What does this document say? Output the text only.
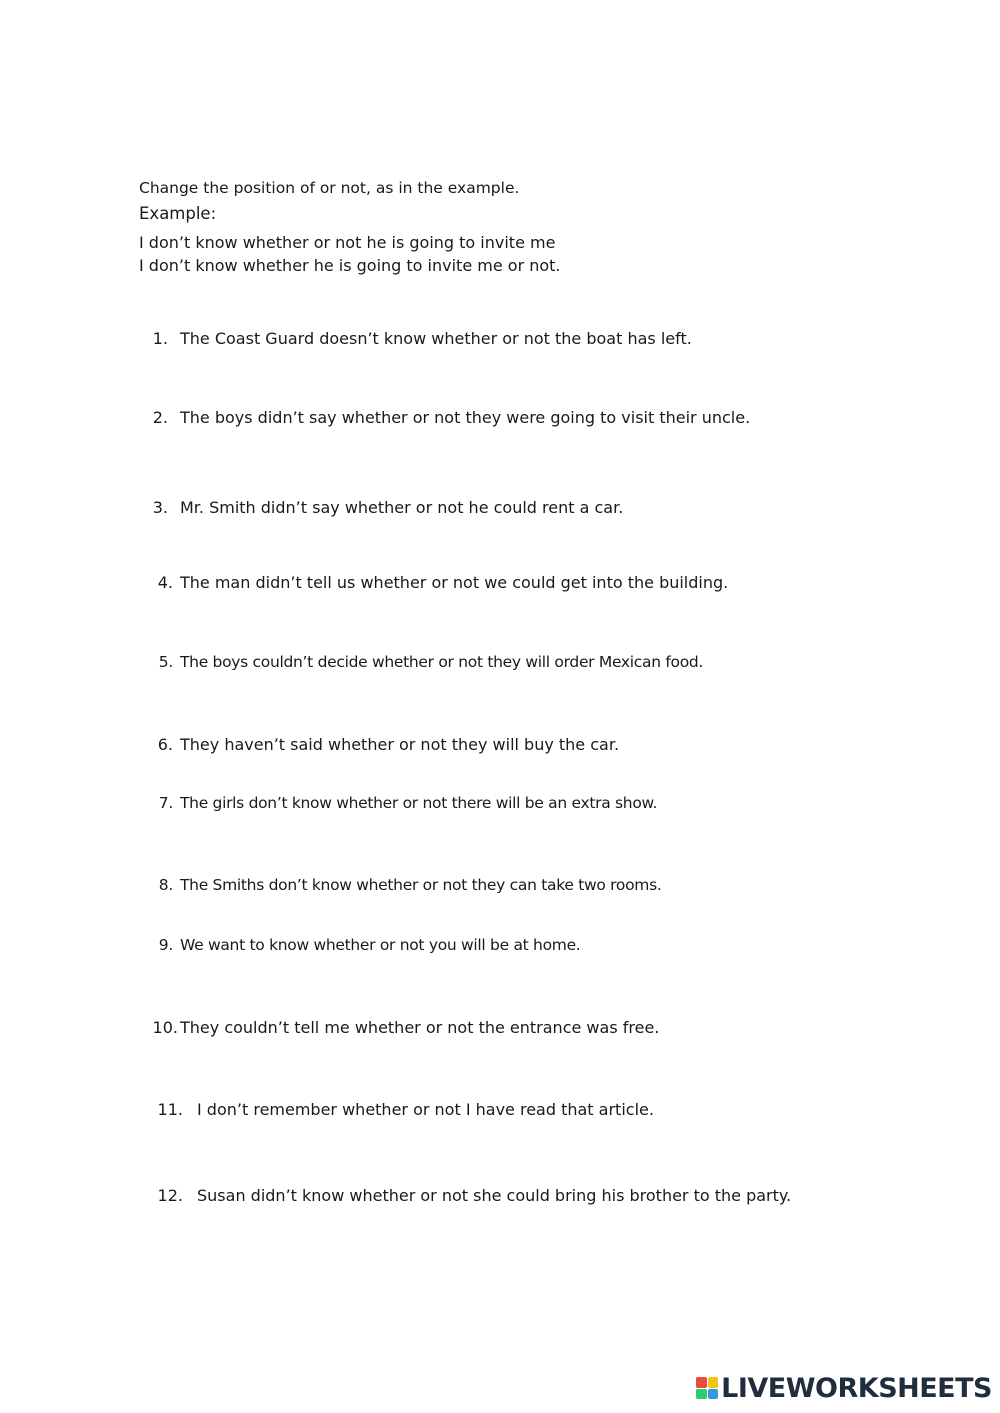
Change the position of or not, as in the example.
Example:
I don’t know whether or not he is going to invite me
I don’t know whether he is going to invite me or not.
1. The Coast Guard doesn’t know whether or not the boat has left.
2. The boys didn’t say whether or not they were going to visit their uncle.
3. Mr. Smith didn’t say whether or not he could rent a car.
4. The man didn’t tell us whether or not we could get into the building.
5. The boys couldn’t decide whether or not they will order Mexican food.
6. They haven’t said whether or not they will buy the car.
7. The girls don’t know whether or not there will be an extra show.
8. The Smiths don’t know whether or not they can take two rooms.
9. We want to know whether or not you will be at home.
10. They couldn’t tell me whether or not the entrance was free.
11. I don’t remember whether or not I have read that article.
12. Susan didn’t know whether or not she could bring his brother to the party.
LIVEWORKSHEETS
